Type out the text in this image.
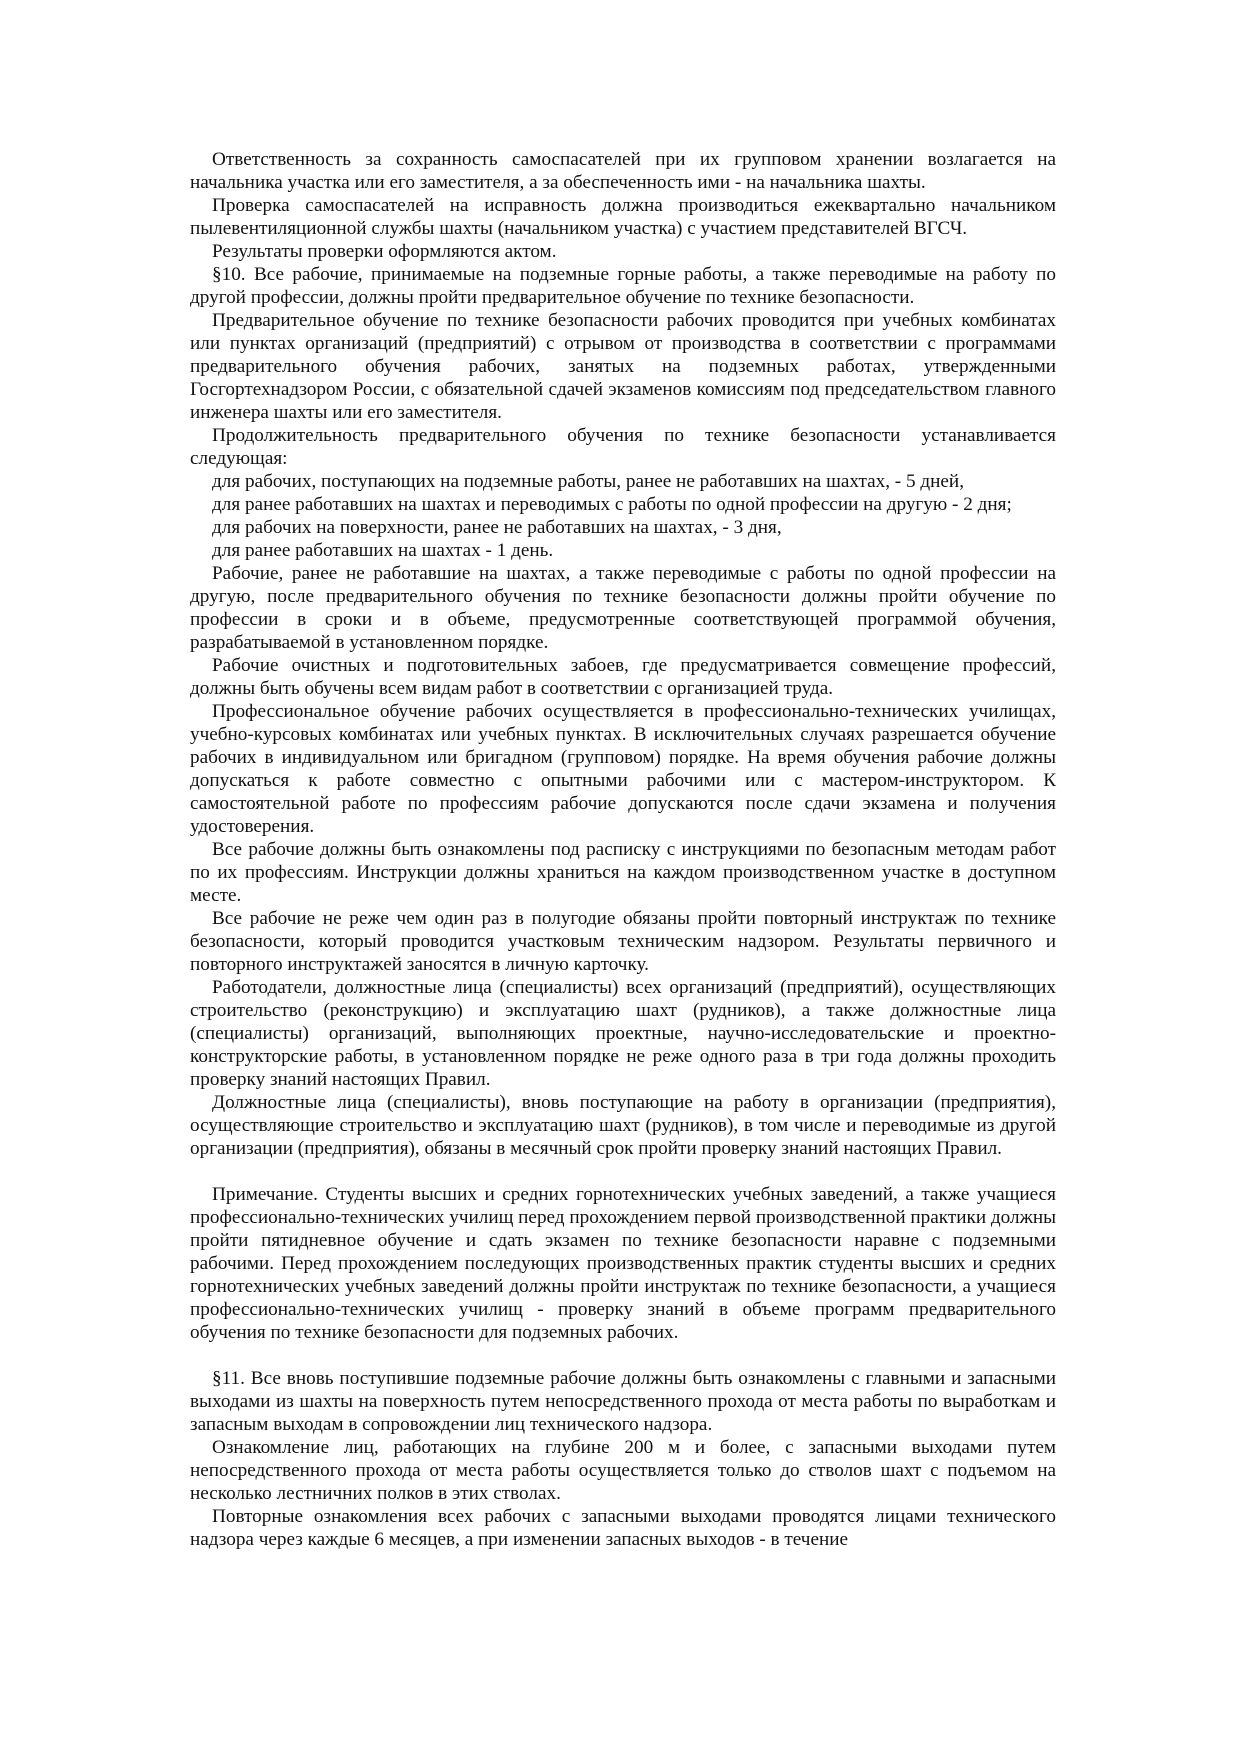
Ответственность за сохранность самоспасателей при их групповом хранении возлагается на начальника участка или его заместителя, а за обеспеченность ими - на начальника шахты.

Проверка самоспасателей на исправность должна производиться ежеквартально начальником пылевентиляционной службы шахты (начальником участка) с участием представителей ВГСЧ.

Результаты проверки оформляются актом.

§10. Все рабочие, принимаемые на подземные горные работы, а также переводимые на работу по другой профессии, должны пройти предварительное обучение по технике безопасности.

Предварительное обучение по технике безопасности рабочих проводится при учебных комбинатах или пунктах организаций (предприятий) с отрывом от производства в соответствии с программами предварительного обучения рабочих, занятых на подземных работах, утвержденными Госгортехнадзором России, с обязательной сдачей экзаменов комиссиям под председательством главного инженера шахты или его заместителя.

Продолжительность предварительного обучения по технике безопасности устанавливается следующая:

для рабочих, поступающих на подземные работы, ранее не работавших на шахтах, - 5 дней,

для ранее работавших на шахтах и переводимых с работы по одной профессии на другую - 2 дня;

для рабочих на поверхности, ранее не работавших на шахтах, - 3 дня,

для ранее работавших на шахтах - 1 день.

Рабочие, ранее не работавшие на шахтах, а также переводимые с работы по одной профессии на другую, после предварительного обучения по технике безопасности должны пройти обучение по профессии в сроки и в объеме, предусмотренные соответствующей программой обучения, разрабатываемой в установленном порядке.

Рабочие очистных и подготовительных забоев, где предусматривается совмещение профессий, должны быть обучены всем видам работ в соответствии с организацией труда.

Профессиональное обучение рабочих осуществляется в профессионально-технических училищах, учебно-курсовых комбинатах или учебных пунктах. В исключительных случаях разрешается обучение рабочих в индивидуальном или бригадном (групповом) порядке. На время обучения рабочие должны допускаться к работе совместно с опытными рабочими или с мастером-инструктором. К самостоятельной работе по профессиям рабочие допускаются после сдачи экзамена и получения удостоверения.

Все рабочие должны быть ознакомлены под расписку с инструкциями по безопасным методам работ по их профессиям. Инструкции должны храниться на каждом производственном участке в доступном месте.

Все рабочие не реже чем один раз в полугодие обязаны пройти повторный инструктаж по технике безопасности, который проводится участковым техническим надзором. Результаты первичного и повторного инструктажей заносятся в личную карточку.

Работодатели, должностные лица (специалисты) всех организаций (предприятий), осуществляющих строительство (реконструкцию) и эксплуатацию шахт (рудников), а также должностные лица (специалисты) организаций, выполняющих проектные, научно-исследовательские и проектно-конструкторские работы, в установленном порядке не реже одного раза в три года должны проходить проверку знаний настоящих Правил.

Должностные лица (специалисты), вновь поступающие на работу в организации (предприятия), осуществляющие строительство и эксплуатацию шахт (рудников), в том числе и переводимые из другой организации (предприятия), обязаны в месячный срок пройти проверку знаний настоящих Правил.

Примечание. Студенты высших и средних горнотехнических учебных заведений, а также учащиеся профессионально-технических училищ перед прохождением первой производственной практики должны пройти пятидневное обучение и сдать экзамен по технике безопасности наравне с подземными рабочими. Перед прохождением последующих производственных практик студенты высших и средних горнотехнических учебных заведений должны пройти инструктаж по технике безопасности, а учащиеся профессионально-технических училищ - проверку знаний в объеме программ предварительного обучения по технике безопасности для подземных рабочих.

§11. Все вновь поступившие подземные рабочие должны быть ознакомлены с главными и запасными выходами из шахты на поверхность путем непосредственного прохода от места работы по выработкам и запасным выходам в сопровождении лиц технического надзора.

Ознакомление лиц, работающих на глубине 200 м и более, с запасными выходами путем непосредственного прохода от места работы осуществляется только до стволов шахт с подъемом на несколько лестничних полков в этих стволах.

Повторные ознакомления всех рабочих с запасными выходами проводятся лицами технического надзора через каждые 6 месяцев, а при изменении запасных выходов - в течение
